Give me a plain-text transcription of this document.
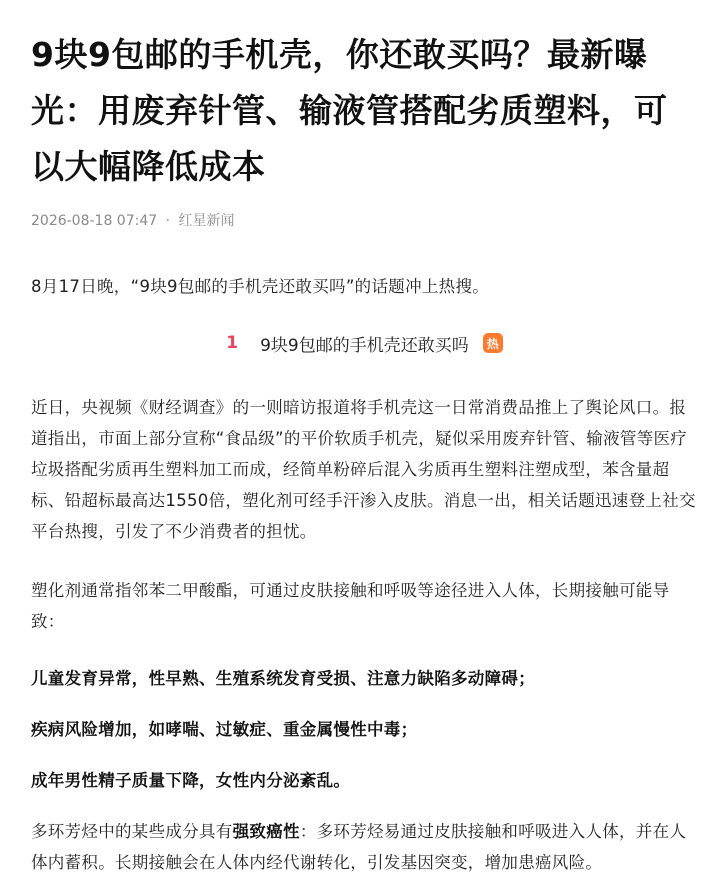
9块9包邮的手机壳，你还敢买吗？最新曝光：用废弃针管、输液管搭配劣质塑料，可以大幅降低成本
2026-08-18 07:47 · 红星新闻

8月17日晚，“9块9包邮的手机壳还敢买吗”的话题冲上热搜。

1 9块9包邮的手机壳还敢买吗	热

近日，央视频《财经调查》的一则暗访报道将手机壳这一日常消费品推上了舆论风口。报道指出，市面上部分宣称“食品级”的平价软质手机壳，疑似采用废弃针管、输液管等医疗垃圾搭配劣质再生塑料加工而成，经简单粉碎后混入劣质再生塑料注塑成型，苯含量超标、铅超标最高达1550倍，塑化剂可经手汗渗入皮肤。消息一出，相关话题迅速登上社交平台热搜，引发了不少消费者的担忧。

塑化剂通常指邻苯二甲酸酯，可通过皮肤接触和呼吸等途径进入人体，长期接触可能导致：

儿童发育异常，性早熟、生殖系统发育受损、注意力缺陷多动障碍；

疾病风险增加，如哮喘、过敏症、重金属慢性中毒；

成年男性精子质量下降，女性内分泌紊乱。

多环芳烃中的某些成分具有强致癌性：多环芳烃易通过皮肤接触和呼吸进入人体，并在人体内蓄积。长期接触会在人体内经代谢转化，引发基因突变，增加患癌风险。
